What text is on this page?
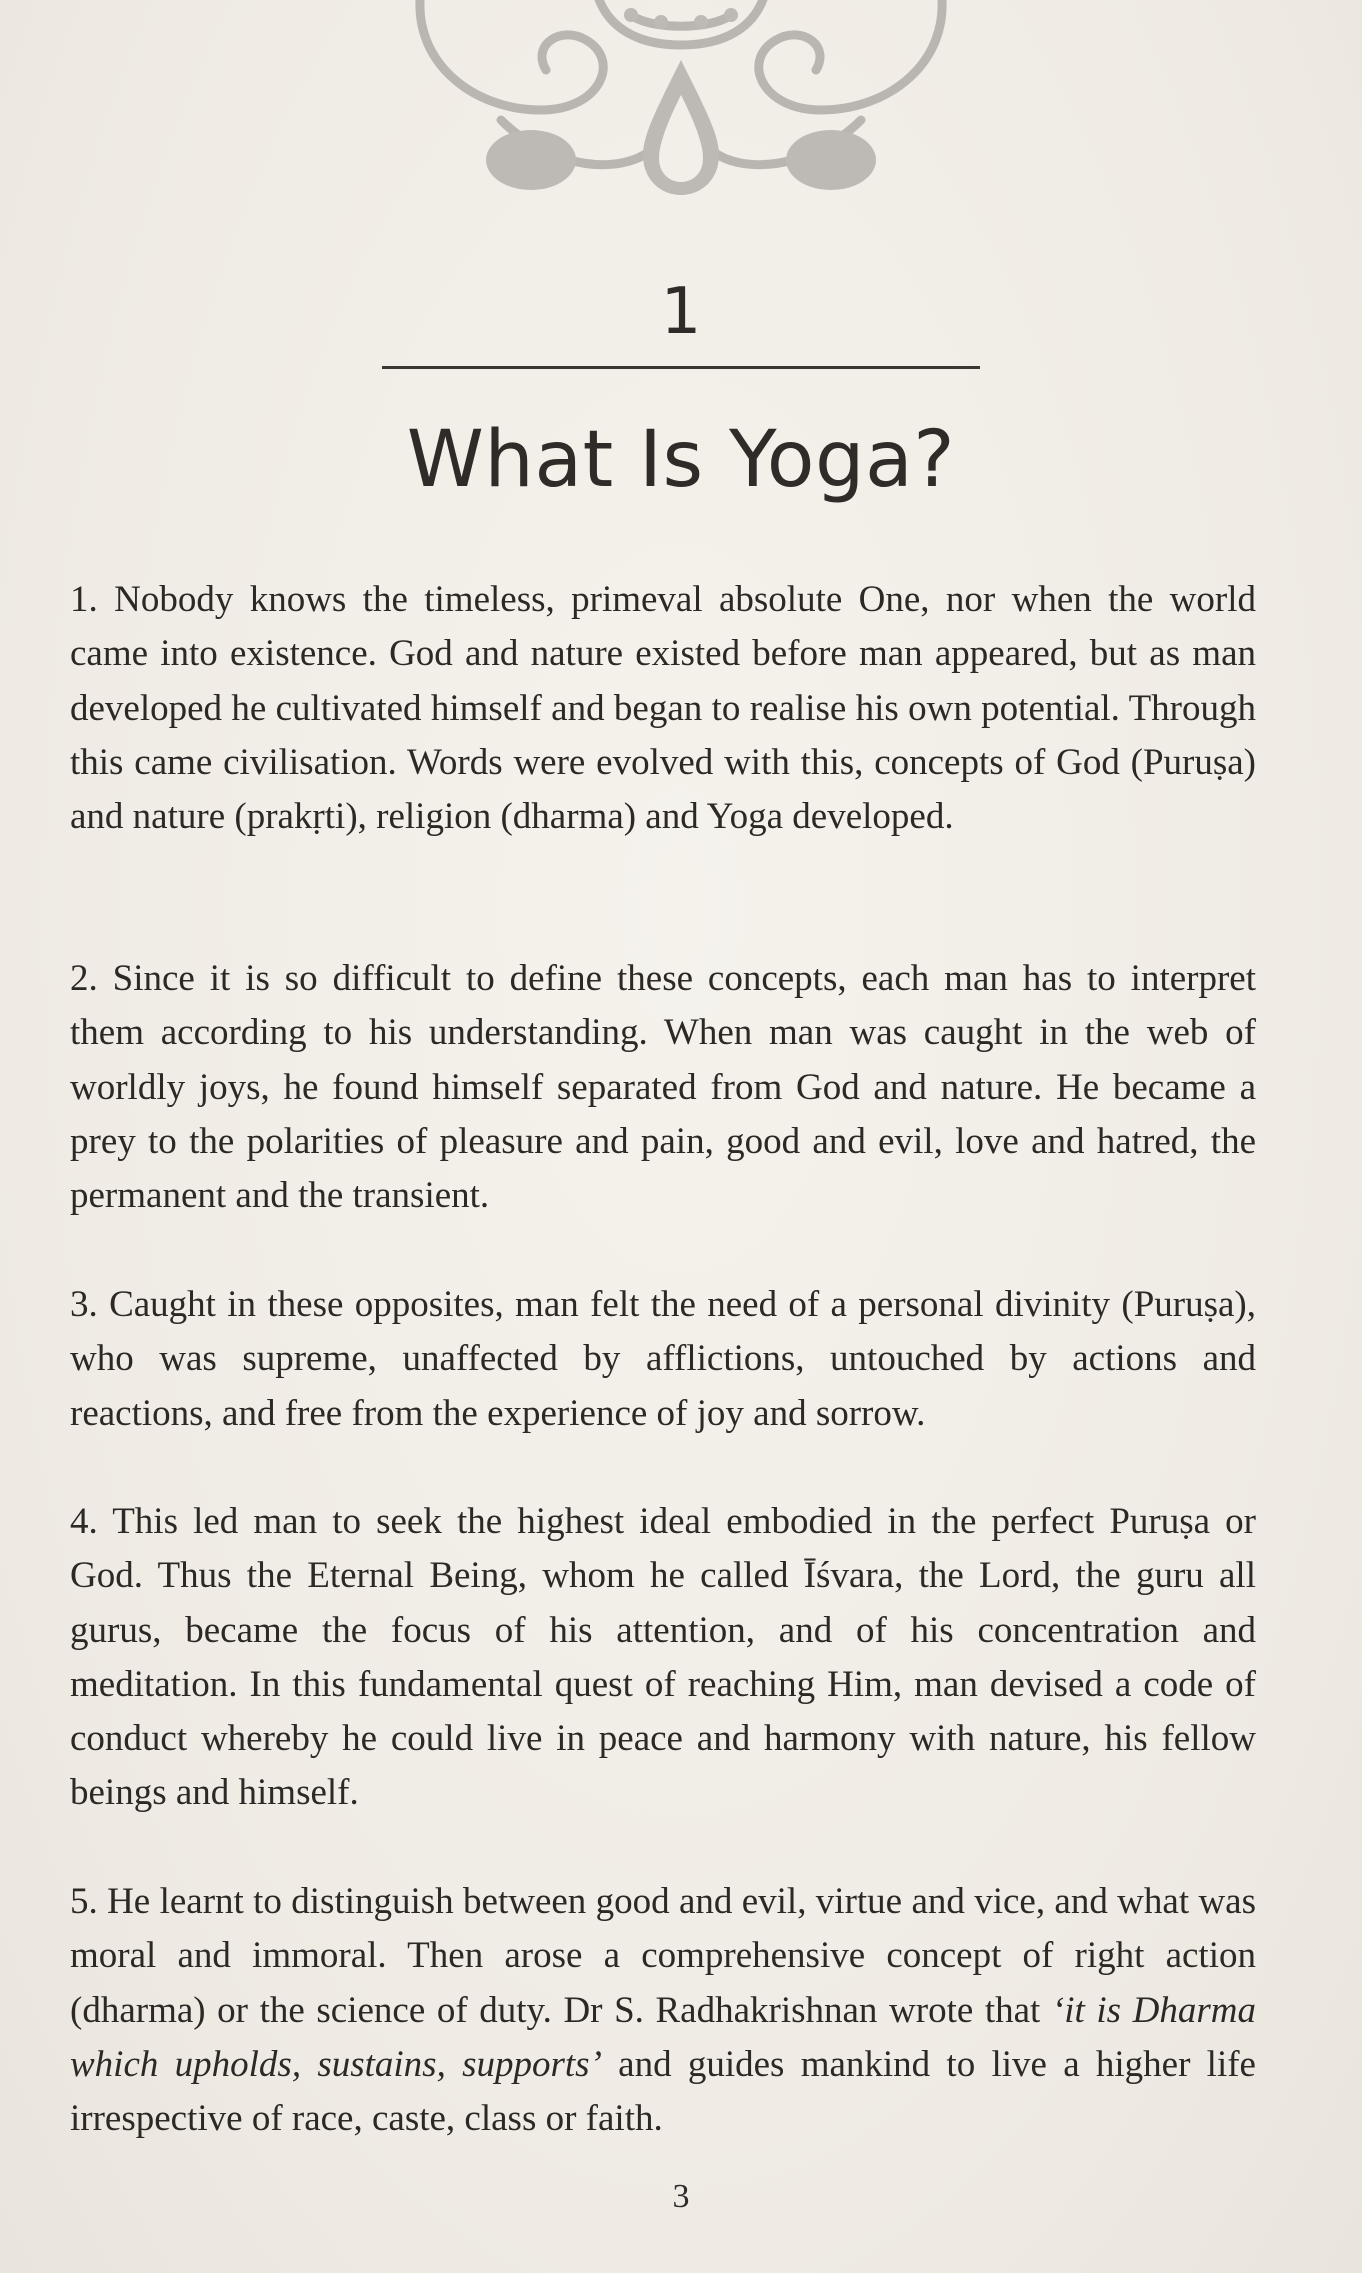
1
What Is Yoga?

1. Nobody knows the timeless, primeval absolute One, nor when the world came into existence. God and nature existed before man appeared, but as man developed he cultivated himself and began to realise his own potential. Through this came civilisation. Words were evolved with this, concepts of God (Puruṣa) and nature (prakṛti), religion (dharma) and Yoga developed.

2. Since it is so difficult to define these concepts, each man has to interpret them according to his understanding. When man was caught in the web of worldly joys, he found himself separated from God and nature. He became a prey to the polarities of pleasure and pain, good and evil, love and hatred, the permanent and the transient.

3. Caught in these opposites, man felt the need of a personal divinity (Puruṣa), who was supreme, unaffected by afflictions, untouched by actions and reactions, and free from the experience of joy and sorrow.

4. This led man to seek the highest ideal embodied in the perfect Puruṣa or God. Thus the Eternal Being, whom he called Īśvara, the Lord, the guru all gurus, became the focus of his attention, and of his concentration and meditation. In this fundamental quest of reaching Him, man devised a code of conduct whereby he could live in peace and harmony with nature, his fellow beings and himself.

5. He learnt to distinguish between good and evil, virtue and vice, and what was moral and immoral. Then arose a comprehensive concept of right action (dharma) or the science of duty. Dr S. Radhakrishnan wrote that ‘it is Dharma which upholds, sustains, supports’ and guides mankind to live a higher life irrespective of race, caste, class or faith.

3
